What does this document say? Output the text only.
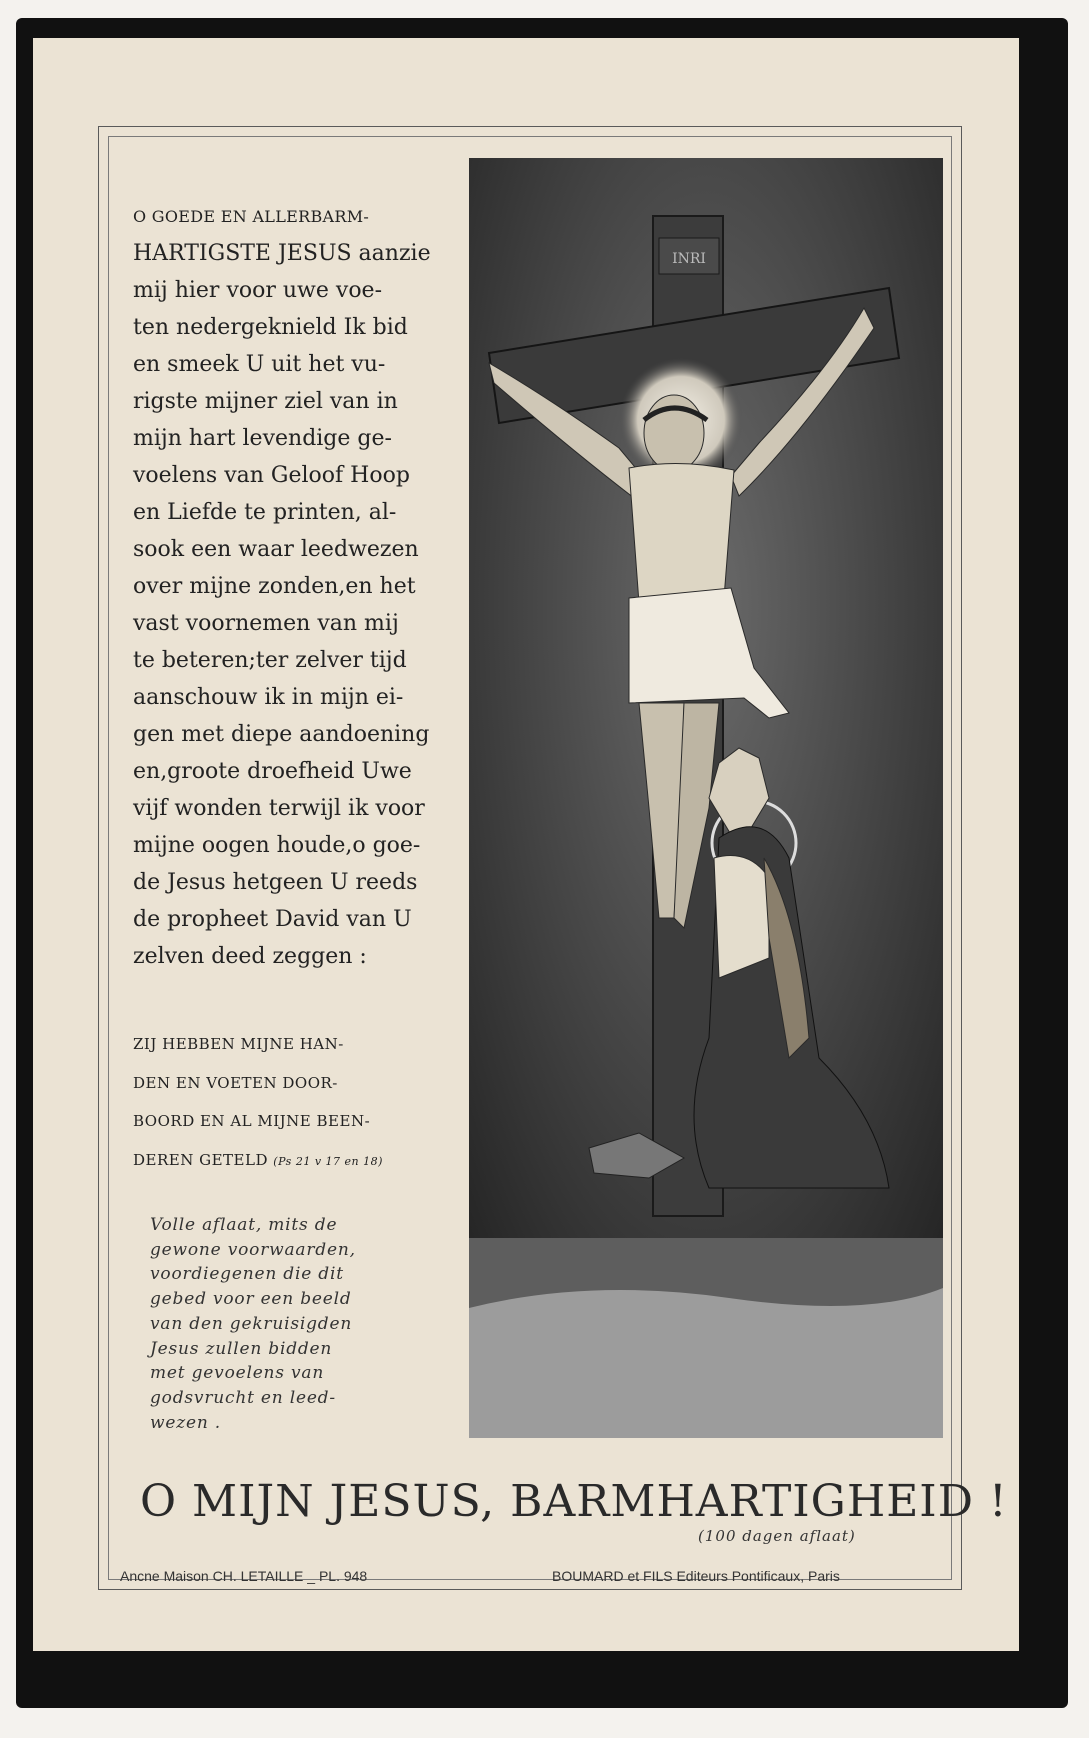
O GOEDE EN ALLERBARM-
HARTIGSTE JESUS aanzie
mij hier voor uwe voe-
ten nedergeknield Ik bid
en smeek U uit het vu-
rigste mijner ziel van in
mijn hart levendige ge-
voelens van Geloof Hoop
en Liefde te printen, al-
sook een waar leedwezen
over mijne zonden,en het
vast voornemen van mij
te beteren;ter zelver tijd
aanschouw ik in mijn ei-
gen met diepe aandoening
en,groote droefheid Uwe
vijf wonden terwijl ik voor
mijne oogen houde,o goe-
de Jesus hetgeen U reeds
de propheet David van U
zelven deed zeggen :
ZIJ HEBBEN MIJNE HAN-
DEN EN VOETEN DOOR-
BOORD EN AL MIJNE BEEN-
DEREN GETELD (Ps 21 v 17 en 18)
Volle aflaat, mits de
gewone voorwaarden,
voordiegenen die dit
gebed voor een beeld
van den gekruisigden
Jesus zullen bidden
met gevoelens van
godsvrucht en leed-
wezen .
INRI
O MIJN JESUS, BARMHARTIGHEID !
(100 dagen aflaat)
Ancne Maison CH. LETAILLE _ PL. 948	BOUMARD et FILS Editeurs Pontificaux, Paris
